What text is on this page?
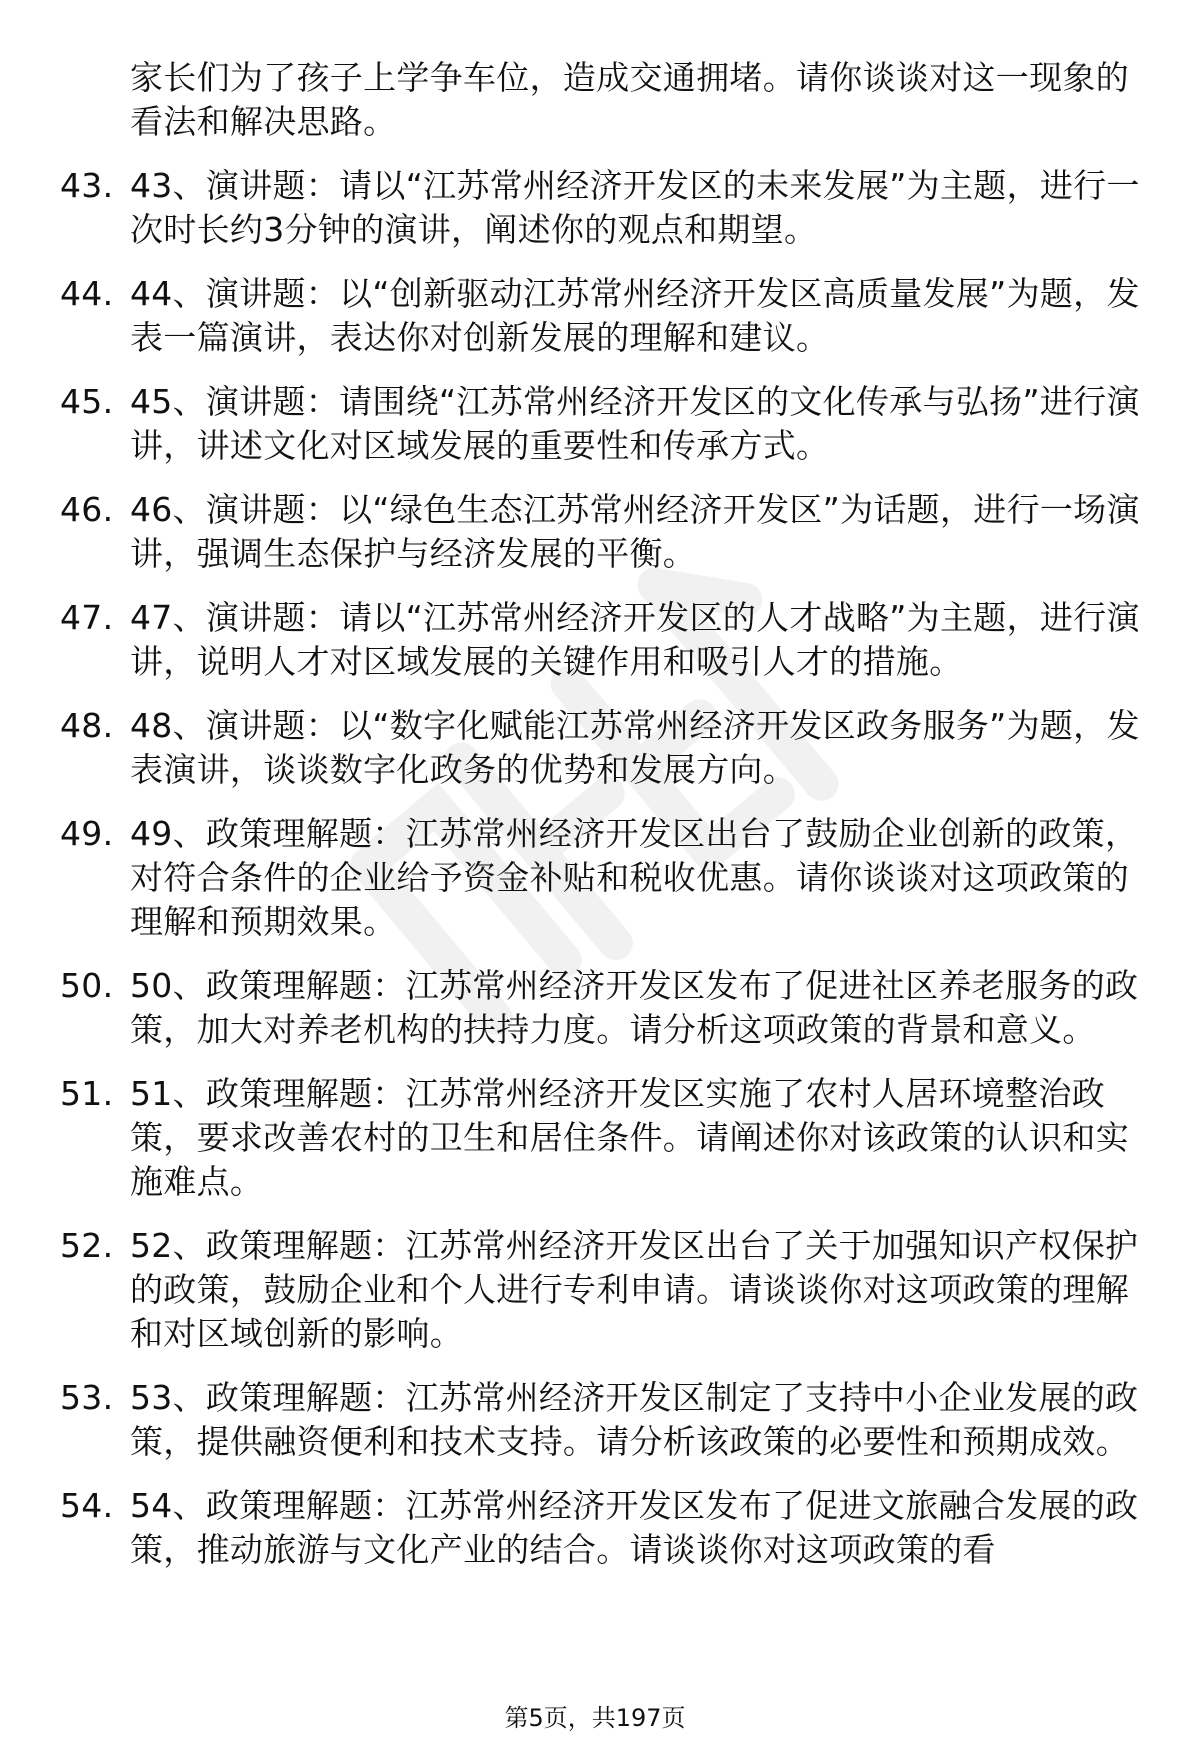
家长们为了孩子上学争车位，造成交通拥堵。请你谈谈对这一现象的看法和解决思路。
43. 43、演讲题：请以“江苏常州经济开发区的未来发展”为主题，进行一次时长约3分钟的演讲，阐述你的观点和期望。
44. 44、演讲题：以“创新驱动江苏常州经济开发区高质量发展”为题，发表一篇演讲，表达你对创新发展的理解和建议。
45. 45、演讲题：请围绕“江苏常州经济开发区的文化传承与弘扬”进行演讲，讲述文化对区域发展的重要性和传承方式。
46. 46、演讲题：以“绿色生态江苏常州经济开发区”为话题，进行一场演讲，强调生态保护与经济发展的平衡。
47. 47、演讲题：请以“江苏常州经济开发区的人才战略”为主题，进行演讲，说明人才对区域发展的关键作用和吸引人才的措施。
48. 48、演讲题：以“数字化赋能江苏常州经济开发区政务服务”为题，发表演讲，谈谈数字化政务的优势和发展方向。
49. 49、政策理解题：江苏常州经济开发区出台了鼓励企业创新的政策，对符合条件的企业给予资金补贴和税收优惠。请你谈谈对这项政策的理解和预期效果。
50. 50、政策理解题：江苏常州经济开发区发布了促进社区养老服务的政策，加大对养老机构的扶持力度。请分析这项政策的背景和意义。
51. 51、政策理解题：江苏常州经济开发区实施了农村人居环境整治政策，要求改善农村的卫生和居住条件。请阐述你对该政策的认识和实施难点。
52. 52、政策理解题：江苏常州经济开发区出台了关于加强知识产权保护的政策，鼓励企业和个人进行专利申请。请谈谈你对这项政策的理解和对区域创新的影响。
53. 53、政策理解题：江苏常州经济开发区制定了支持中小企业发展的政策，提供融资便利和技术支持。请分析该政策的必要性和预期成效。
54. 54、政策理解题：江苏常州经济开发区发布了促进文旅融合发展的政策，推动旅游与文化产业的结合。请谈谈你对这项政策的看
第5页，共197页
